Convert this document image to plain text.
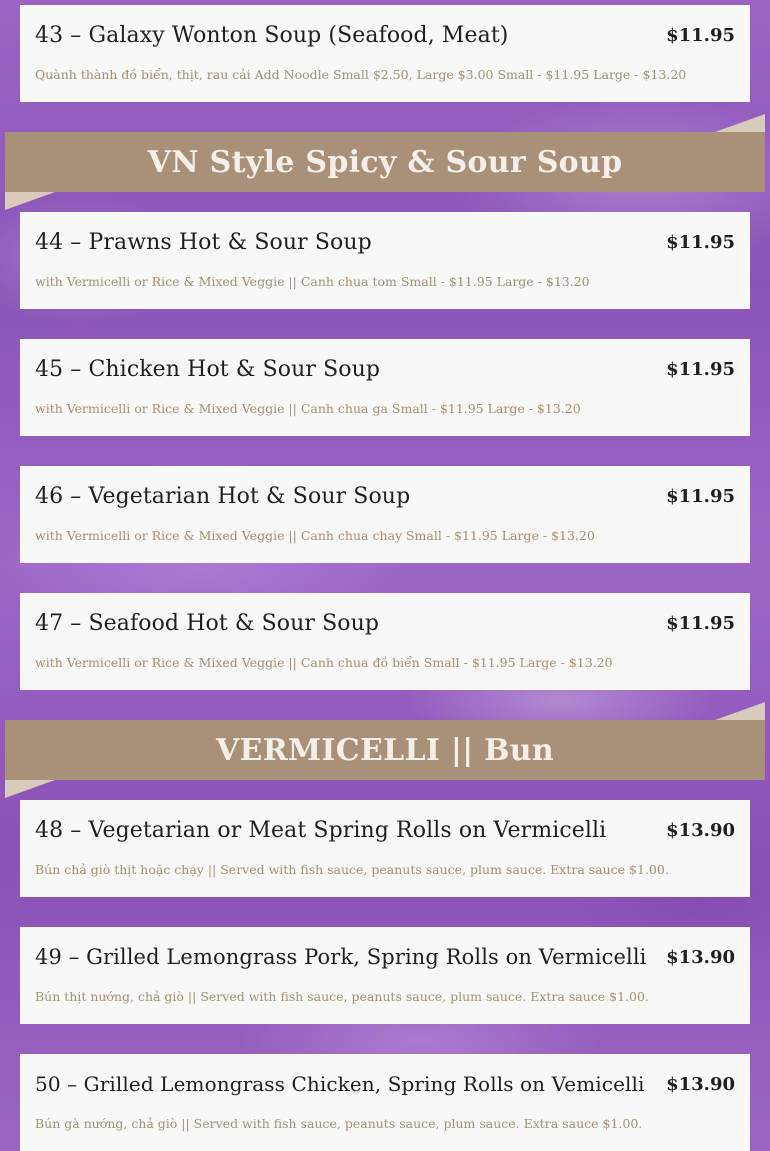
43 – Galaxy Wonton Soup (Seafood, Meat)	$11.95
Quành thành đồ biển, thịt, rau cải Add Noodle Small $2.50, Large $3.00 Small - $11.95 Large - $13.20
VN Style Spicy & Sour Soup
44 – Prawns Hot & Sour Soup	$11.95
with Vermicelli or Rice & Mixed Veggie || Canh chua tom Small - $11.95 Large - $13.20
45 – Chicken Hot & Sour Soup	$11.95
with Vermicelli or Rice & Mixed Veggie || Canh chua ga Small - $11.95 Large - $13.20
46 – Vegetarian Hot & Sour Soup	$11.95
with Vermicelli or Rice & Mixed Veggie || Canh chua chay Small - $11.95 Large - $13.20
47 – Seafood Hot & Sour Soup	$11.95
with Vermicelli or Rice & Mixed Veggie || Canh chua đồ biển Small - $11.95 Large - $13.20
VERMICELLI || Bun
48 – Vegetarian or Meat Spring Rolls on Vermicelli	$13.90
Bún chả giò thịt hoặc chạy || Served with fish sauce, peanuts sauce, plum sauce. Extra sauce $1.00.
49 – Grilled Lemongrass Pork, Spring Rolls on Vermicelli $13.90
Bún thịt nướng, chả giò || Served with fish sauce, peanuts sauce, plum sauce. Extra sauce $1.00.
50 – Grilled Lemongrass Chicken, Spring Rolls on Vemicelli $13.90
Bún gà nướng, chả giò || Served with fish sauce, peanuts sauce, plum sauce. Extra sauce $1.00.
